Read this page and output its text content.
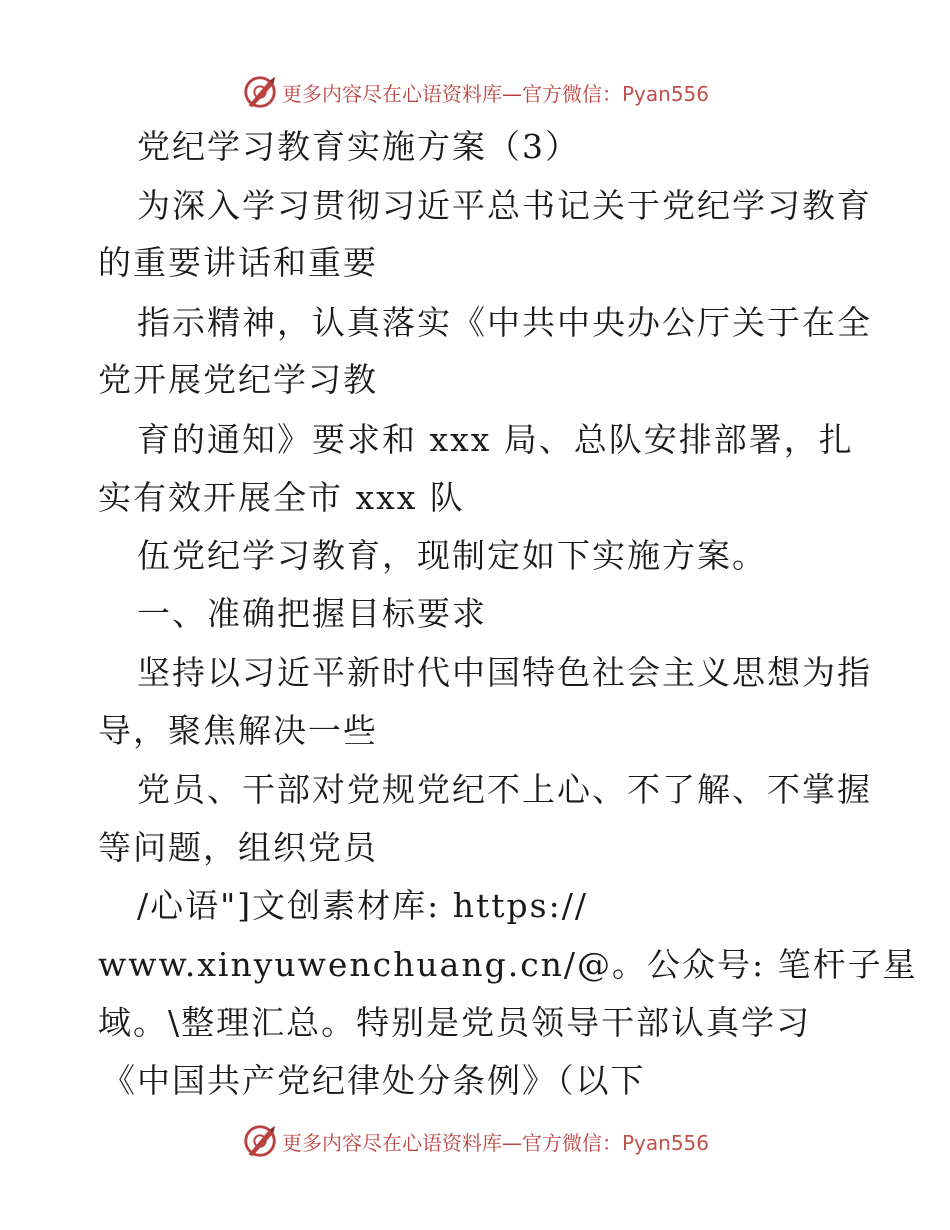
更多内容尽在心语资料库—官方微信：Pyan556
党纪学习教育实施方案（3）
为深入学习贯彻习近平总书记关于党纪学习教育
的重要讲话和重要
指示精神，认真落实《中共中央办公厅关于在全
党开展党纪学习教
育的通知》要求和 xxx 局、总队安排部署，扎
实有效开展全市 xxx 队
伍党纪学习教育，现制定如下实施方案。
一、准确把握目标要求
坚持以习近平新时代中国特色社会主义思想为指
导，聚焦解决一些
党员、干部对党规党纪不上心、不了解、不掌握
等问题，组织党员
/心语"]文创素材库: https://
www.xinyuwenchuang.cn/@。公众号: 笔杆子星
域。\整理汇总。特别是党员领导干部认真学习
《中国共产党纪律处分条例》（以下
更多内容尽在心语资料库—官方微信：Pyan556
